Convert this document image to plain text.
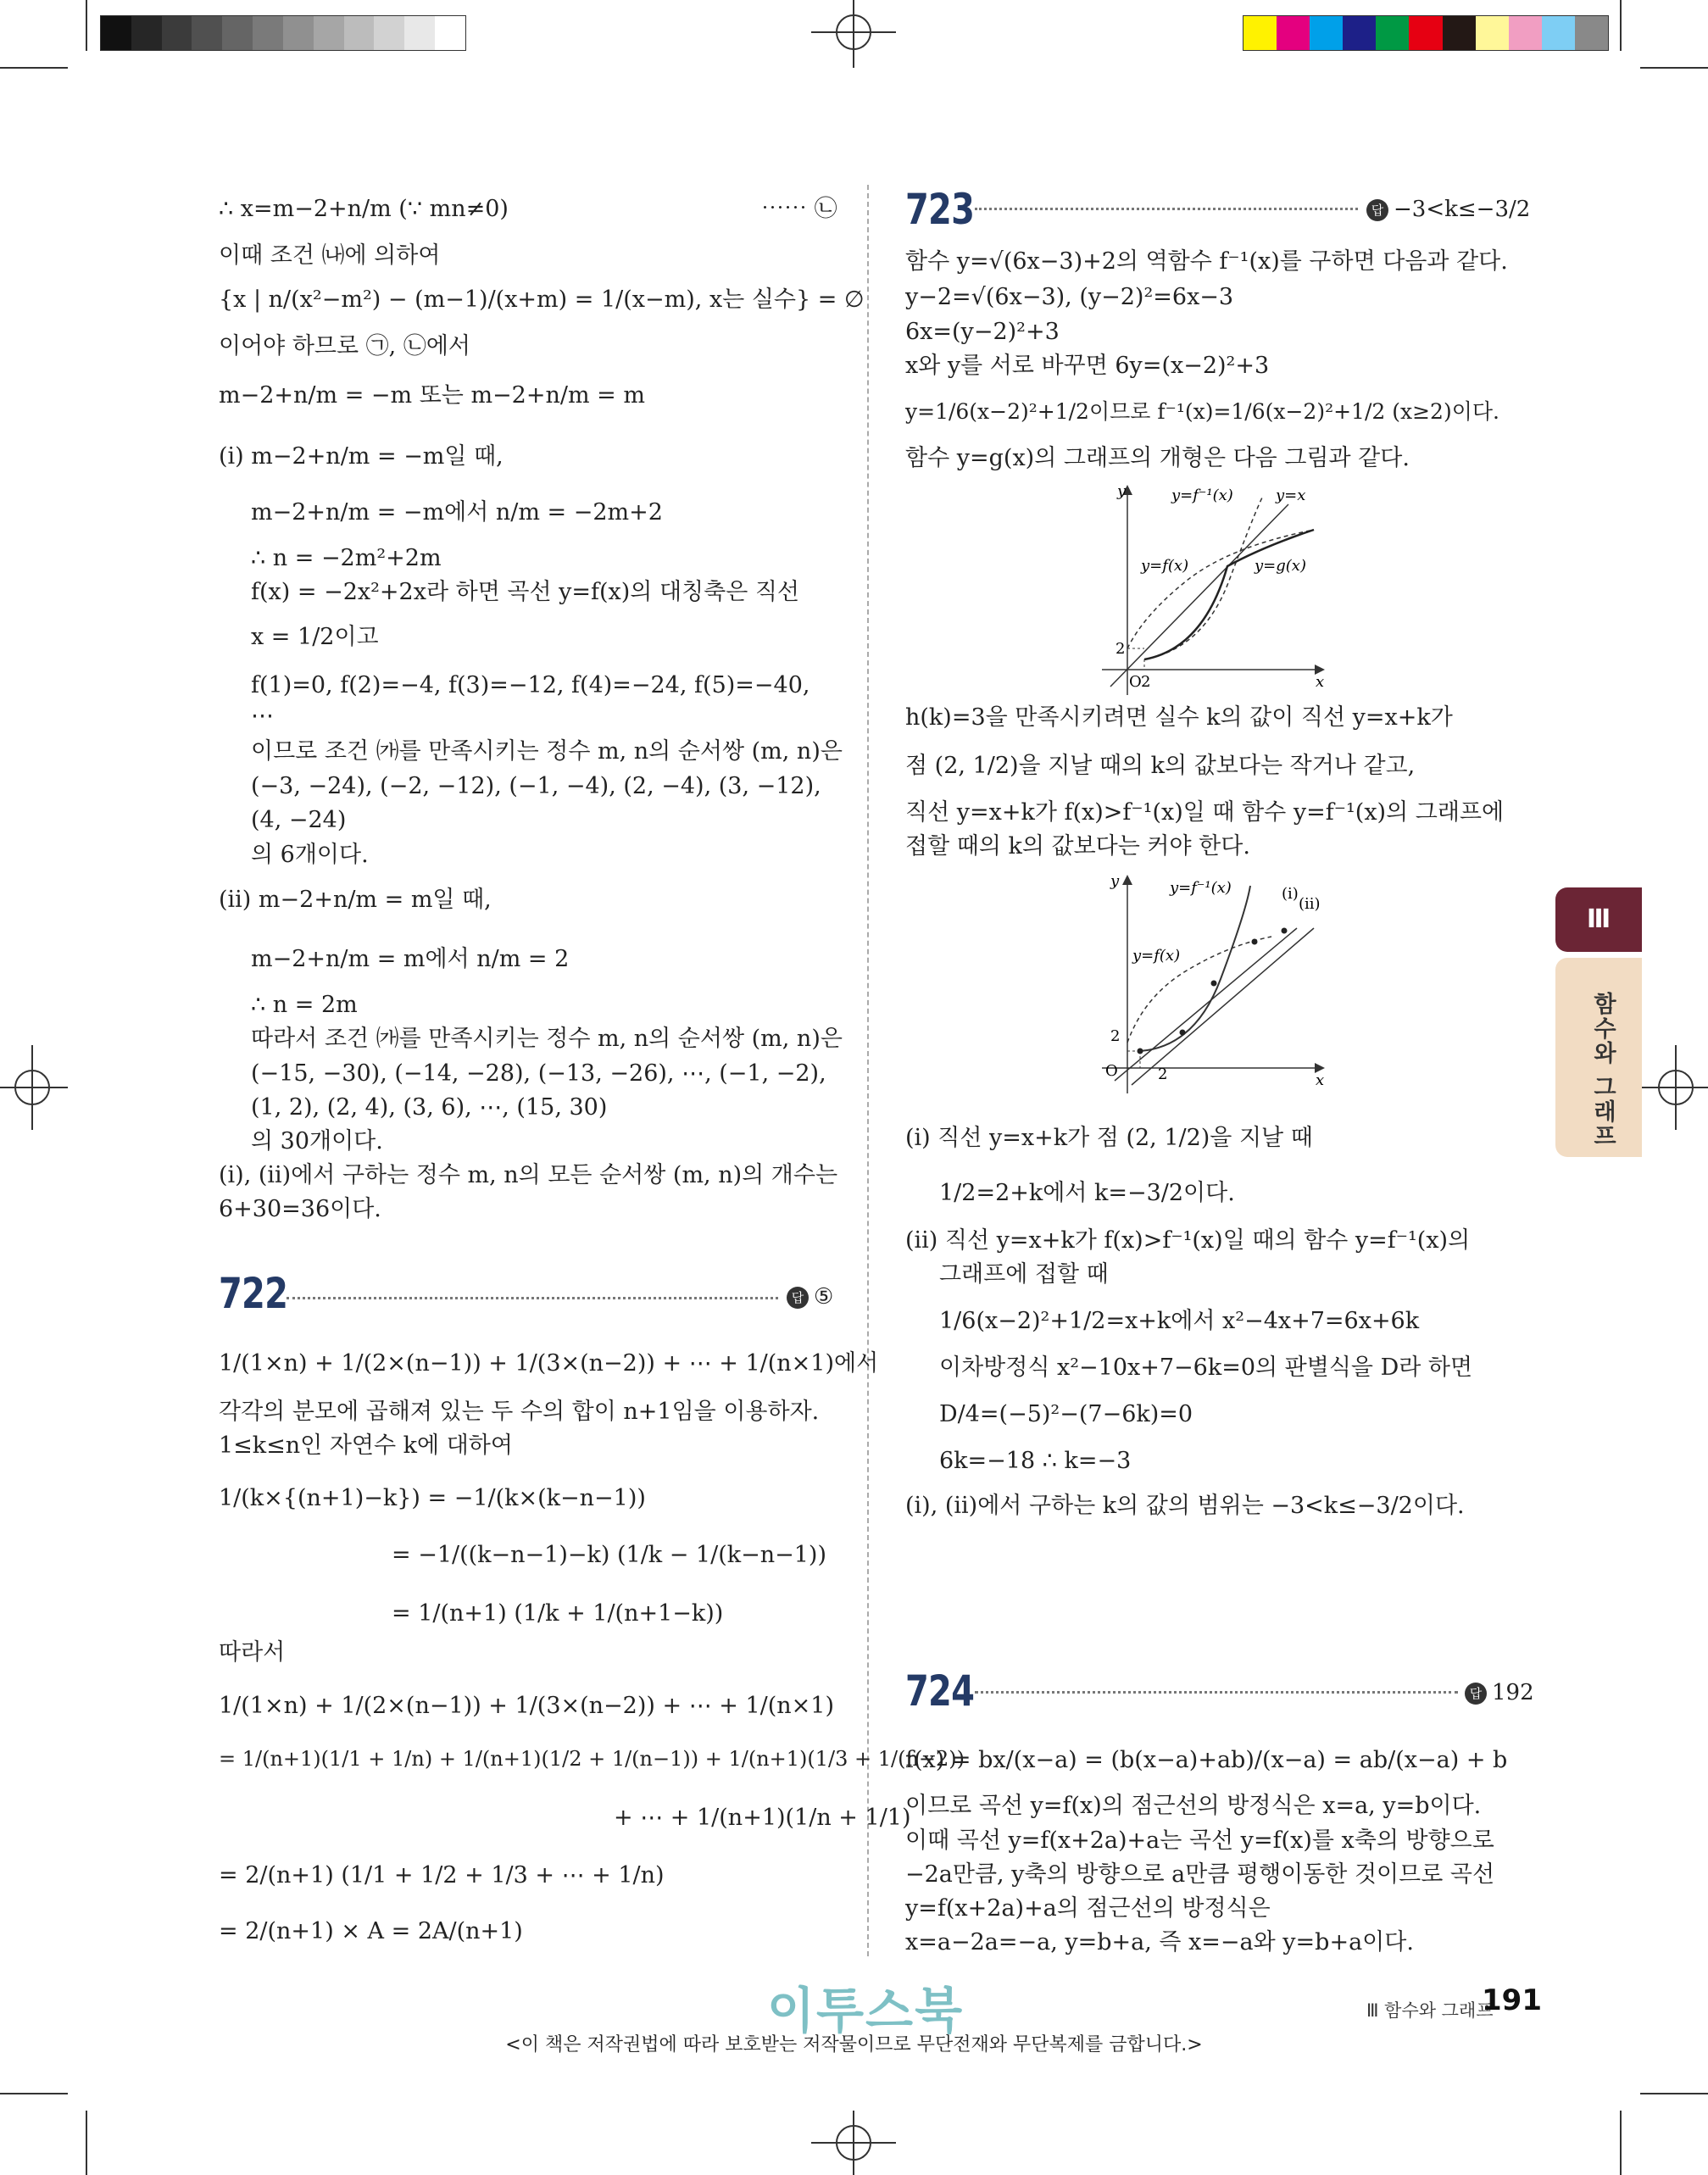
∴ x=m−2+n/m (∵ mn≠0)	⋯⋯ ㉡
이때 조건 ㈏에 의하여
{x | n/(x²−m²) − (m−1)/(x+m) = 1/(x−m), x는 실수} = ∅
이어야 하므로 ㉠, ㉡에서
m−2+n/m = −m 또는 m−2+n/m = m
(ⅰ) m−2+n/m = −m일 때,
m−2+n/m = −m에서 n/m = −2m+2
∴ n = −2m²+2m
f(x) = −2x²+2x라 하면 곡선 y=f(x)의 대칭축은 직선
x = 1/2이고
f(1)=0, f(2)=−4, f(3)=−12, f(4)=−24, f(5)=−40,
⋯
이므로 조건 ㈎를 만족시키는 정수 m, n의 순서쌍 (m, n)은
(−3, −24), (−2, −12), (−1, −4), (2, −4), (3, −12),
(4, −24)
의 6개이다.
(ⅱ) m−2+n/m = m일 때,
m−2+n/m = m에서 n/m = 2
∴ n = 2m
따라서 조건 ㈎를 만족시키는 정수 m, n의 순서쌍 (m, n)은
(−15, −30), (−14, −28), (−13, −26), ⋯, (−1, −2),
(1, 2), (2, 4), (3, 6), ⋯, (15, 30)
의 30개이다.
(ⅰ), (ⅱ)에서 구하는 정수 m, n의 모든 순서쌍 (m, n)의 개수는
6+30=36이다.
722	답 ⑤
1/(1×n) + 1/(2×(n−1)) + 1/(3×(n−2)) + ⋯ + 1/(n×1)에서
각각의 분모에 곱해져 있는 두 수의 합이 n+1임을 이용하자.
1≤k≤n인 자연수 k에 대하여
1/(k×{(n+1)−k}) = −1/(k×(k−n−1))
= −1/((k−n−1)−k) (1/k − 1/(k−n−1))
= 1/(n+1) (1/k + 1/(n+1−k))
따라서
1/(1×n) + 1/(2×(n−1)) + 1/(3×(n−2)) + ⋯ + 1/(n×1)
= 1/(n+1)(1/1 + 1/n) + 1/(n+1)(1/2 + 1/(n−1)) + 1/(n+1)(1/3 + 1/(n−2))
+ ⋯ + 1/(n+1)(1/n + 1/1)
= 2/(n+1) (1/1 + 1/2 + 1/3 + ⋯ + 1/n)
= 2/(n+1) × A = 2A/(n+1)
723	답 −3<k≤−3/2
함수 y=√(6x−3)+2의 역함수 f⁻¹(x)를 구하면 다음과 같다.
y−2=√(6x−3), (y−2)²=6x−3
6x=(y−2)²+3
x와 y를 서로 바꾸면 6y=(x−2)²+3
y=1/6(x−2)²+1/2이므로 f⁻¹(x)=1/6(x−2)²+1/2 (x≥2)이다.
함수 y=g(x)의 그래프의 개형은 다음 그림과 같다.
y
x
O 2
2
y=f⁻¹(x)	y=x
y=f(x)	y=g(x)
h(k)=3을 만족시키려면 실수 k의 값이 직선 y=x+k가
점 (2, 1/2)을 지날 때의 k의 값보다는 작거나 같고,
직선 y=x+k가 f(x)>f⁻¹(x)일 때 함수 y=f⁻¹(x)의 그래프에
접할 때의 k의 값보다는 커야 한다.
y
x
O	2
2
y=f⁻¹(x)	(ⅰ)
(ⅱ)
y=f(x)
(ⅰ) 직선 y=x+k가 점 (2, 1/2)을 지날 때
1/2=2+k에서 k=−3/2이다.
(ⅱ) 직선 y=x+k가 f(x)>f⁻¹(x)일 때의 함수 y=f⁻¹(x)의
그래프에 접할 때
1/6(x−2)²+1/2=x+k에서 x²−4x+7=6x+6k
이차방정식 x²−10x+7−6k=0의 판별식을 D라 하면
D/4=(−5)²−(7−6k)=0
6k=−18 ∴ k=−3
(ⅰ), (ⅱ)에서 구하는 k의 값의 범위는 −3<k≤−3/2이다.
724	답 192
f(x) = bx/(x−a) = (b(x−a)+ab)/(x−a) = ab/(x−a) + b
이므로 곡선 y=f(x)의 점근선의 방정식은 x=a, y=b이다.
이때 곡선 y=f(x+2a)+a는 곡선 y=f(x)를 x축의 방향으로
−2a만큼, y축의 방향으로 a만큼 평행이동한 것이므로 곡선
y=f(x+2a)+a의 점근선의 방정식은
x=a−2a=−a, y=b+a, 즉 x=−a와 y=b+a이다.
Ⅲ
함수와 그래프
이투스북	Ⅲ 함수와 그래프
191
<이 책은 저작권법에 따라 보호받는 저작물이므로 무단전재와 무단복제를 금합니다.>
